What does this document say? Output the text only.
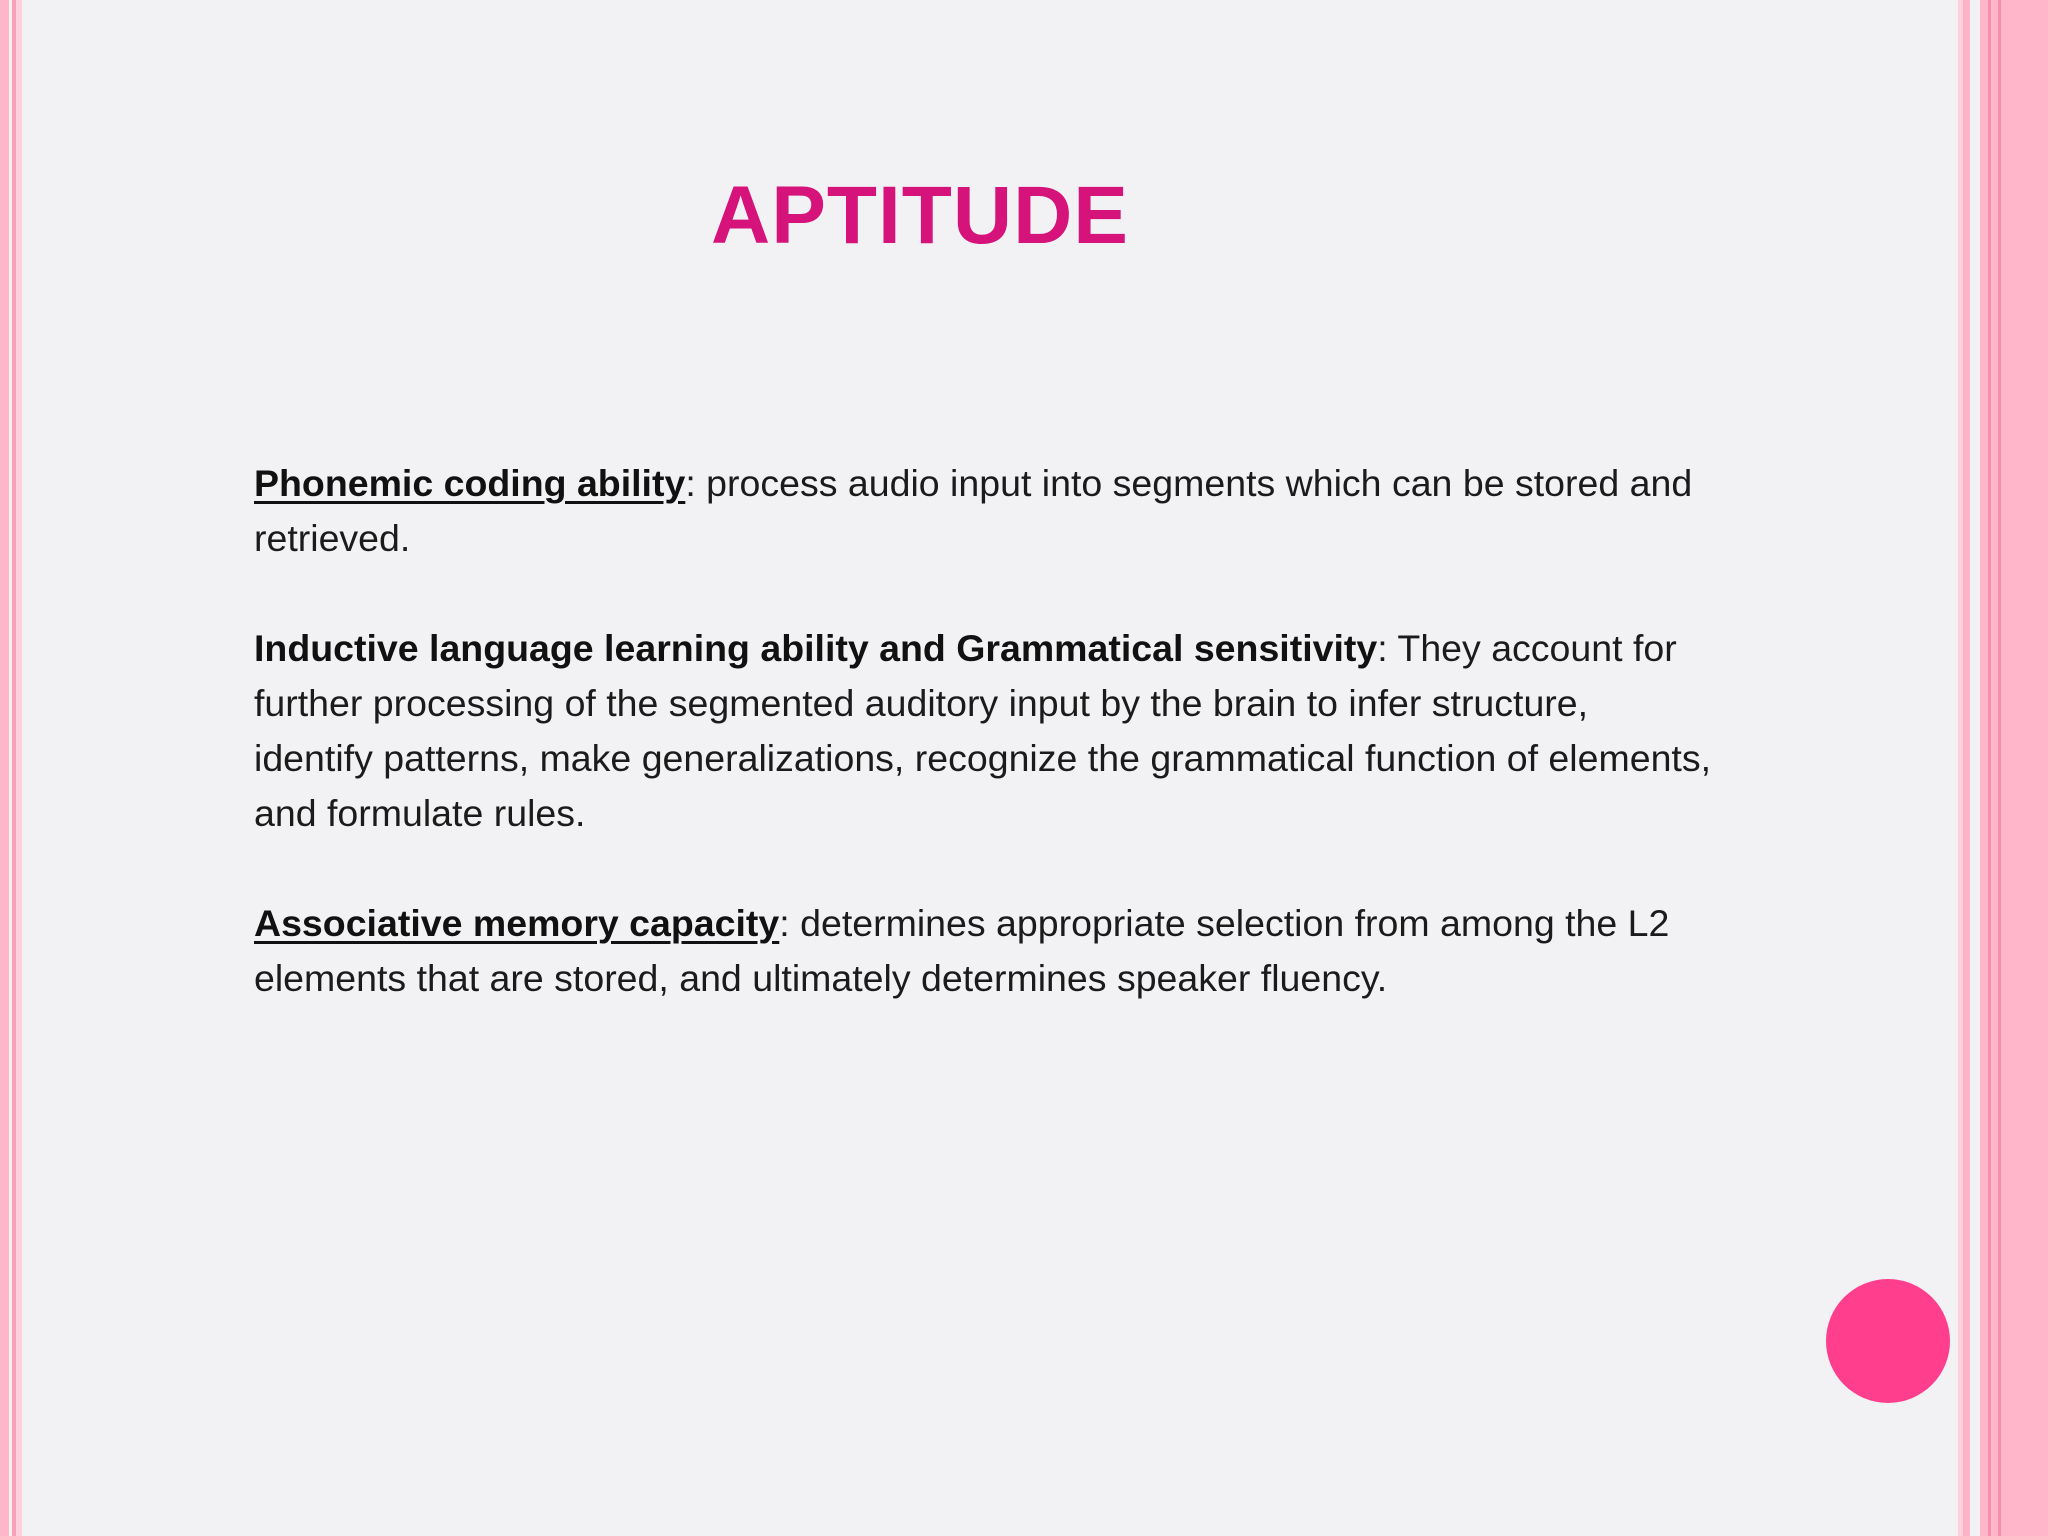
APTITUDE

Phonemic coding ability: process audio input into segments which can be stored and retrieved.

Inductive language learning ability and Grammatical sensitivity: They account for further processing of the segmented auditory input by the brain to infer structure, identify patterns, make generalizations, recognize the grammatical function of elements, and formulate rules.

Associative memory capacity: determines appropriate selection from among the L2 elements that are stored, and ultimately determines speaker fluency.
